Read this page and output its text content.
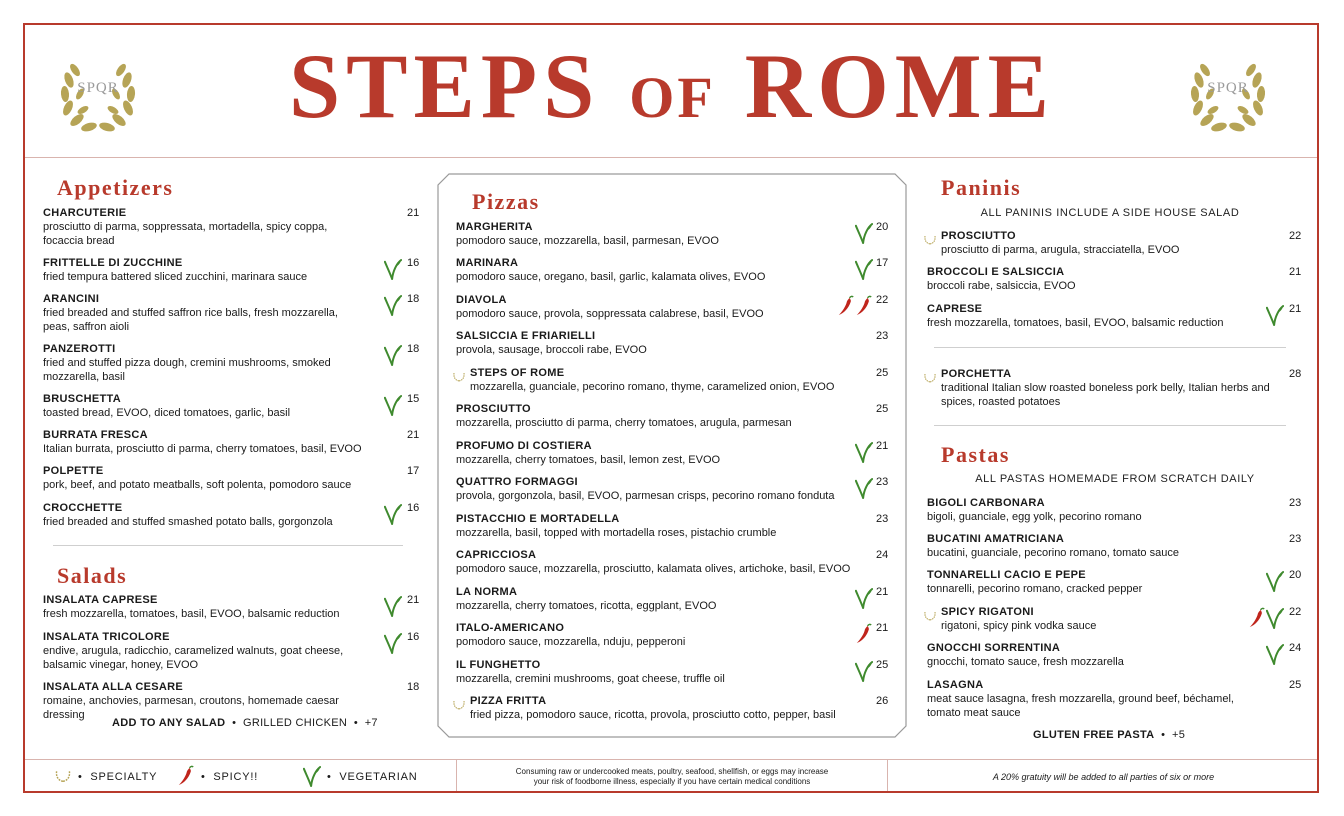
SPQR	SPQR
STEPS OF ROME
Appetizers
CHARCUTERIE
prosciutto di parma, soppressata, mortadella, spicy coppa, focaccia bread
21
FRITTELLE DI ZUCCHINE
fried tempura battered sliced zucchini, marinara sauce
16
ARANCINI
fried breaded and stuffed saffron rice balls, fresh mozzarella, peas, saffron aioli
18
PANZEROTTI
fried and stuffed pizza dough, cremini mushrooms, smoked mozzarella, basil
18
BRUSCHETTA
toasted bread, EVOO, diced tomatoes, garlic, basil
15
BURRATA FRESCA
Italian burrata, prosciutto di parma, cherry tomatoes, basil, EVOO
21
POLPETTE
pork, beef, and potato meatballs, soft polenta, pomodoro sauce
17
CROCCHETTE
fried breaded and stuffed smashed potato balls, gorgonzola
16
Salads
INSALATA CAPRESE
fresh mozzarella, tomatoes, basil, EVOO, balsamic reduction
21
INSALATA TRICOLORE
endive, arugula, radicchio, caramelized walnuts, goat cheese, balsamic vinegar, honey, EVOO
16
INSALATA ALLA CESARE
romaine, anchovies, parmesan, croutons, homemade caesar dressing
18
ADD TO ANY SALAD  •  GRILLED CHICKEN  •  +7
Pizzas
MARGHERITA
pomodoro sauce, mozzarella, basil, parmesan, EVOO
20
MARINARA
pomodoro sauce, oregano, basil, garlic, kalamata olives, EVOO
17
DIAVOLA
pomodoro sauce, provola, soppressata calabrese, basil, EVOO
22
SALSICCIA E FRIARIELLI
provola, sausage, broccoli rabe, EVOO
23
STEPS OF ROME
mozzarella, guanciale, pecorino romano, thyme, caramelized onion, EVOO
25
PROSCIUTTO
mozzarella, prosciutto di parma, cherry tomatoes, arugula, parmesan
25
PROFUMO DI COSTIERA
mozzarella, cherry tomatoes, basil, lemon zest, EVOO
21
QUATTRO FORMAGGI
provola, gorgonzola, basil, EVOO, parmesan crisps, pecorino romano fonduta
23
PISTACCHIO E MORTADELLA
mozzarella, basil, topped with mortadella roses, pistachio crumble
23
CAPRICCIOSA
pomodoro sauce, mozzarella, prosciutto, kalamata olives, artichoke, basil, EVOO
24
LA NORMA
mozzarella, cherry tomatoes, ricotta, eggplant, EVOO
21
ITALO-AMERICANO
pomodoro sauce, mozzarella, nduju, pepperoni
21
IL FUNGHETTO
mozzarella, cremini mushrooms, goat cheese, truffle oil
25
PIZZA FRITTA
fried pizza, pomodoro sauce, ricotta, provola, prosciutto cotto, pepper, basil
26
Paninis
ALL PANINIS INCLUDE A SIDE HOUSE SALAD
PROSCIUTTO
prosciutto di parma, arugula, stracciatella, EVOO
22
BROCCOLI E SALSICCIA
broccoli rabe, salsiccia, EVOO
21
CAPRESE
fresh mozzarella, tomatoes, basil, EVOO, balsamic reduction
21
PORCHETTA
traditional Italian slow roasted boneless pork belly, Italian herbs and spices, roasted potatoes
28
Pastas
ALL PASTAS HOMEMADE FROM SCRATCH DAILY
BIGOLI CARBONARA
bigoli, guanciale, egg yolk, pecorino romano
23
BUCATINI AMATRICIANA
bucatini, guanciale, pecorino romano, tomato sauce
23
TONNARELLI CACIO E PEPE
tonnarelli, pecorino romano, cracked pepper
20
SPICY RIGATONI
rigatoni, spicy pink vodka sauce
22
GNOCCHI SORRENTINA
gnocchi, tomato sauce, fresh mozzarella
24
LASAGNA
meat sauce lasagna, fresh mozzarella, ground beef, béchamel, tomato meat sauce
25
GLUTEN FREE PASTA  •  +5
•  SPECIALTY	•  SPICY!!	•  VEGETARIAN	Consuming raw or undercooked meats, poultry, seafood, shellfish, or eggs may increase
your risk of foodborne illness, especially if you have certain medical conditions	A 20% gratuity will be added to all parties of six or more
